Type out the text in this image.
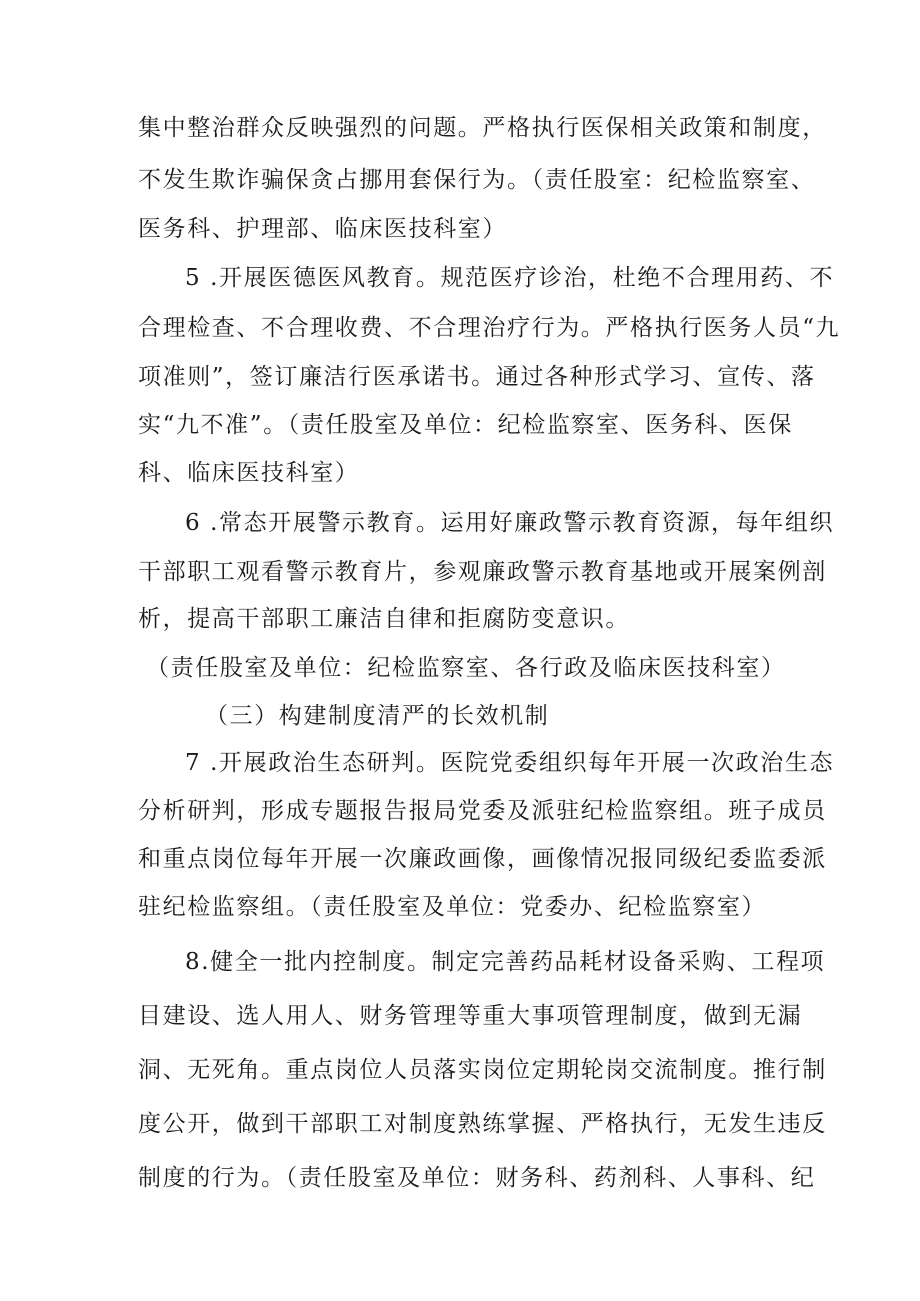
集中整治群众反映强烈的问题。严格执行医保相关政策和制度，
不发生欺诈骗保贪占挪用套保行为。（责任股室：纪检监察室、
医务科、护理部、临床医技科室）
5 .开展医德医风教育。规范医疗诊治，杜绝不合理用药、不
合理检查、不合理收费、不合理治疗行为。严格执行医务人员“九
项准则”，签订廉洁行医承诺书。通过各种形式学习、宣传、落
实“九不准”。（责任股室及单位：纪检监察室、医务科、医保
科、临床医技科室）
6 .常态开展警示教育。运用好廉政警示教育资源，每年组织
干部职工观看警示教育片，参观廉政警示教育基地或开展案例剖
析，提高干部职工廉洁自律和拒腐防变意识。
（责任股室及单位：纪检监察室、各行政及临床医技科室）
（三）构建制度清严的长效机制
7 .开展政治生态研判。医院党委组织每年开展一次政治生态
分析研判，形成专题报告报局党委及派驻纪检监察组。班子成员
和重点岗位每年开展一次廉政画像，画像情况报同级纪委监委派
驻纪检监察组。（责任股室及单位：党委办、纪检监察室）
8.健全一批内控制度。制定完善药品耗材设备采购、工程项
目建设、选人用人、财务管理等重大事项管理制度，做到无漏
洞、无死角。重点岗位人员落实岗位定期轮岗交流制度。推行制
度公开，做到干部职工对制度熟练掌握、严格执行，无发生违反
制度的行为。（责任股室及单位：财务科、药剂科、人事科、纪
